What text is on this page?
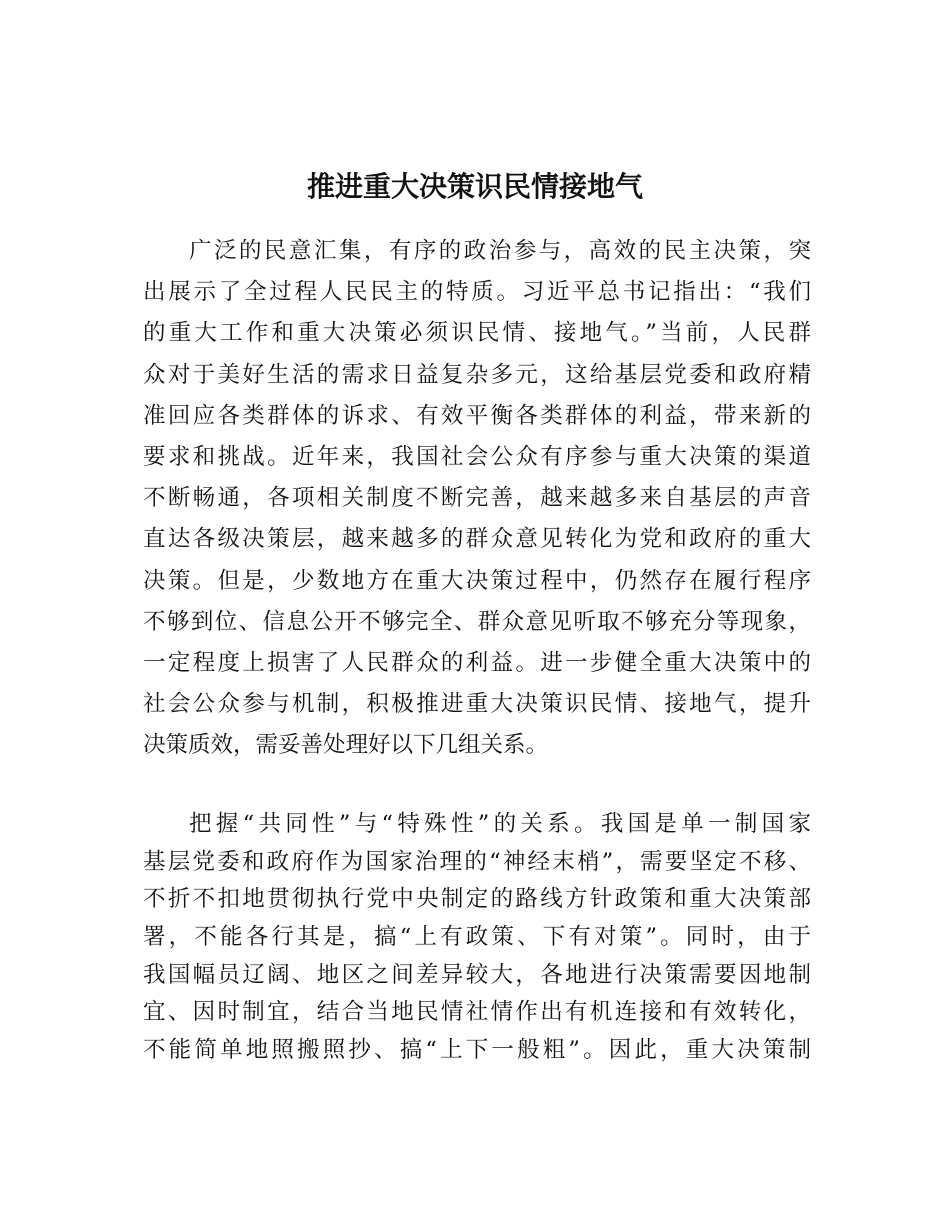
推进重大决策识民情接地气
广泛的民意汇集，有序的政治参与，高效的民主决策，突
出展示了全过程人民民主的特质。习近平总书记指出：“我们
的重大工作和重大决策必须识民情、接地气。”当前，人民群
众对于美好生活的需求日益复杂多元，这给基层党委和政府精
准回应各类群体的诉求、有效平衡各类群体的利益，带来新的
要求和挑战。近年来，我国社会公众有序参与重大决策的渠道
不断畅通，各项相关制度不断完善，越来越多来自基层的声音
直达各级决策层，越来越多的群众意见转化为党和政府的重大
决策。但是，少数地方在重大决策过程中，仍然存在履行程序
不够到位、信息公开不够完全、群众意见听取不够充分等现象，
一定程度上损害了人民群众的利益。进一步健全重大决策中的
社会公众参与机制，积极推进重大决策识民情、接地气，提升
决策质效，需妥善处理好以下几组关系。
把握“共同性”与“特殊性”的关系。我国是单一制国家
基层党委和政府作为国家治理的“神经末梢”，需要坚定不移、
不折不扣地贯彻执行党中央制定的路线方针政策和重大决策部
署，不能各行其是，搞“上有政策、下有对策”。同时，由于
我国幅员辽阔、地区之间差异较大，各地进行决策需要因地制
宜、因时制宜，结合当地民情社情作出有机连接和有效转化，
不能简单地照搬照抄、搞“上下一般粗”。因此，重大决策制
